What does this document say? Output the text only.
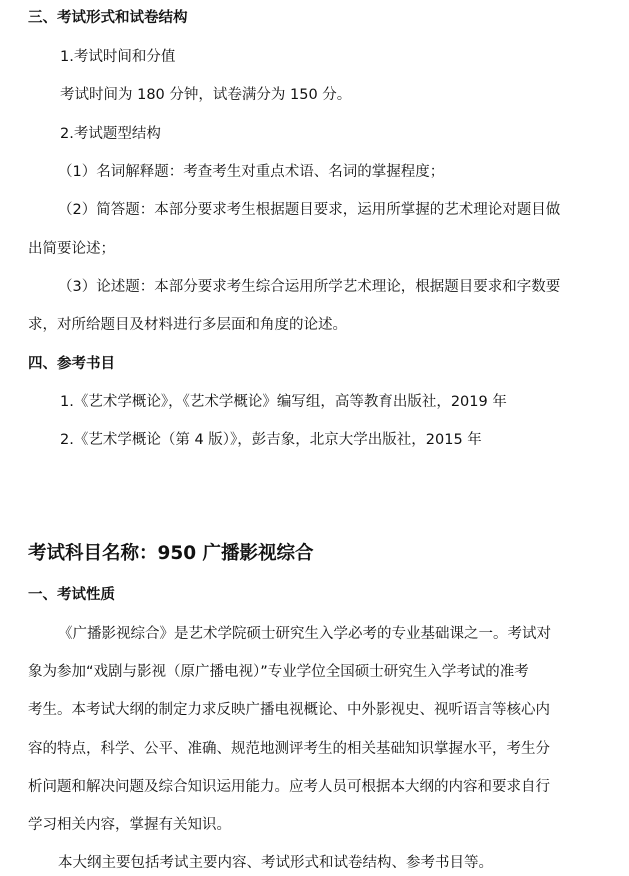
三、考试形式和试卷结构
1.考试时间和分值
考试时间为 180 分钟，试卷满分为 150 分。
2.考试题型结构
（1）名词解释题：考查考生对重点术语、名词的掌握程度；
（2）简答题：本部分要求考生根据题目要求，运用所掌握的艺术理论对题目做
出简要论述；
（3）论述题：本部分要求考生综合运用所学艺术理论，根据题目要求和字数要
求，对所给题目及材料进行多层面和角度的论述。
四、参考书目
1.《艺术学概论》，《艺术学概论》编写组，高等教育出版社，2019 年
2.《艺术学概论（第 4 版）》，彭吉象，北京大学出版社，2015 年
考试科目名称：950 广播影视综合
一、考试性质
《广播影视综合》是艺术学院硕士研究生入学必考的专业基础课之一。考试对
象为参加“戏剧与影视（原广播电视）”专业学位全国硕士研究生入学考试的准考
考生。本考试大纲的制定力求反映广播电视概论、中外影视史、视听语言等核心内
容的特点，科学、公平、准确、规范地测评考生的相关基础知识掌握水平，考生分
析问题和解决问题及综合知识运用能力。应考人员可根据本大纲的内容和要求自行
学习相关内容，掌握有关知识。
本大纲主要包括考试主要内容、考试形式和试卷结构、参考书目等。
